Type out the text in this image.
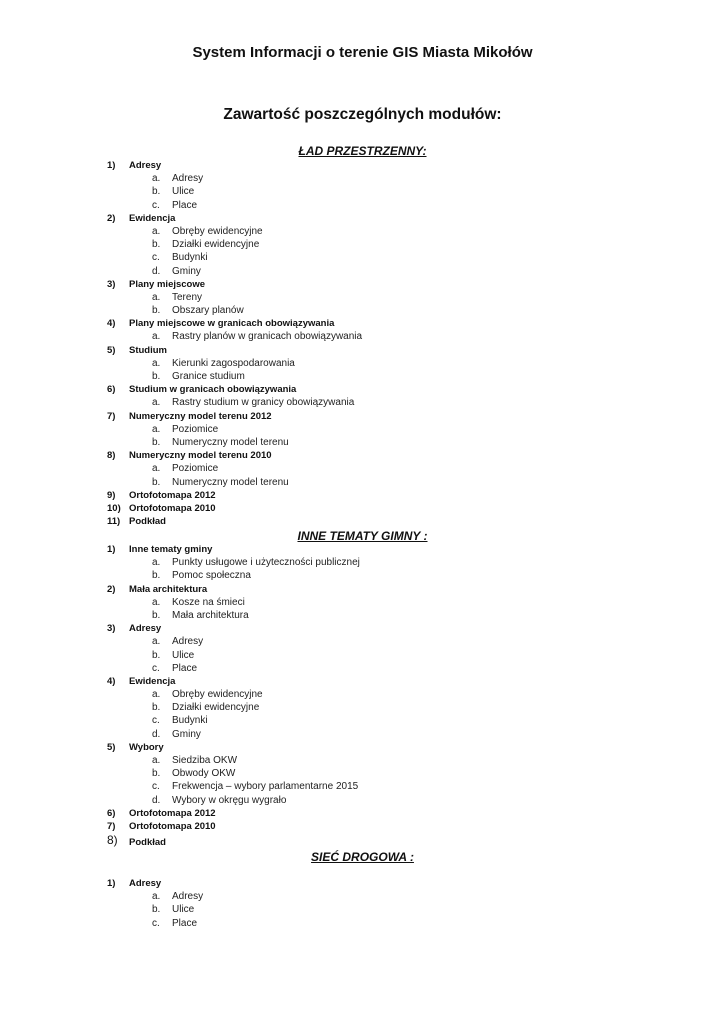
System Informacji o terenie GIS Miasta Mikołów
Zawartość poszczególnych modułów:
ŁAD PRZESTRZENNY:
1) Adresy
a. Adresy
b. Ulice
c. Place
2) Ewidencja
a. Obręby ewidencyjne
b. Działki ewidencyjne
c. Budynki
d. Gminy
3) Plany miejscowe
a. Tereny
b. Obszary planów
4) Plany miejscowe w granicach obowiązywania
a. Rastry planów w granicach obowiązywania
5) Studium
a. Kierunki zagospodarowania
b. Granice studium
6) Studium w granicach obowiązywania
a. Rastry studium w granicy obowiązywania
7) Numeryczny model terenu 2012
a. Poziomice
b. Numeryczny model terenu
8) Numeryczny model terenu 2010
a. Poziomice
b. Numeryczny model terenu
9) Ortofotomapa 2012
10) Ortofotomapa 2010
11) Podkład
INNE TEMATY GIMNY :
1) Inne tematy gminy
a. Punkty usługowe i użyteczności publicznej
b. Pomoc społeczna
2) Mała architektura
a. Kosze na śmieci
b. Mała architektura
3) Adresy
a. Adresy
b. Ulice
c. Place
4) Ewidencja
a. Obręby ewidencyjne
b. Działki ewidencyjne
c. Budynki
d. Gminy
5) Wybory
a. Siedziba OKW
b. Obwody OKW
c. Frekwencja – wybory parlamentarne 2015
d. Wybory w okręgu wygrało
6) Ortofotomapa 2012
7) Ortofotomapa 2010
8) Podkład
SIEĆ DROGOWA :
1) Adresy
a. Adresy
b. Ulice
c. Place
